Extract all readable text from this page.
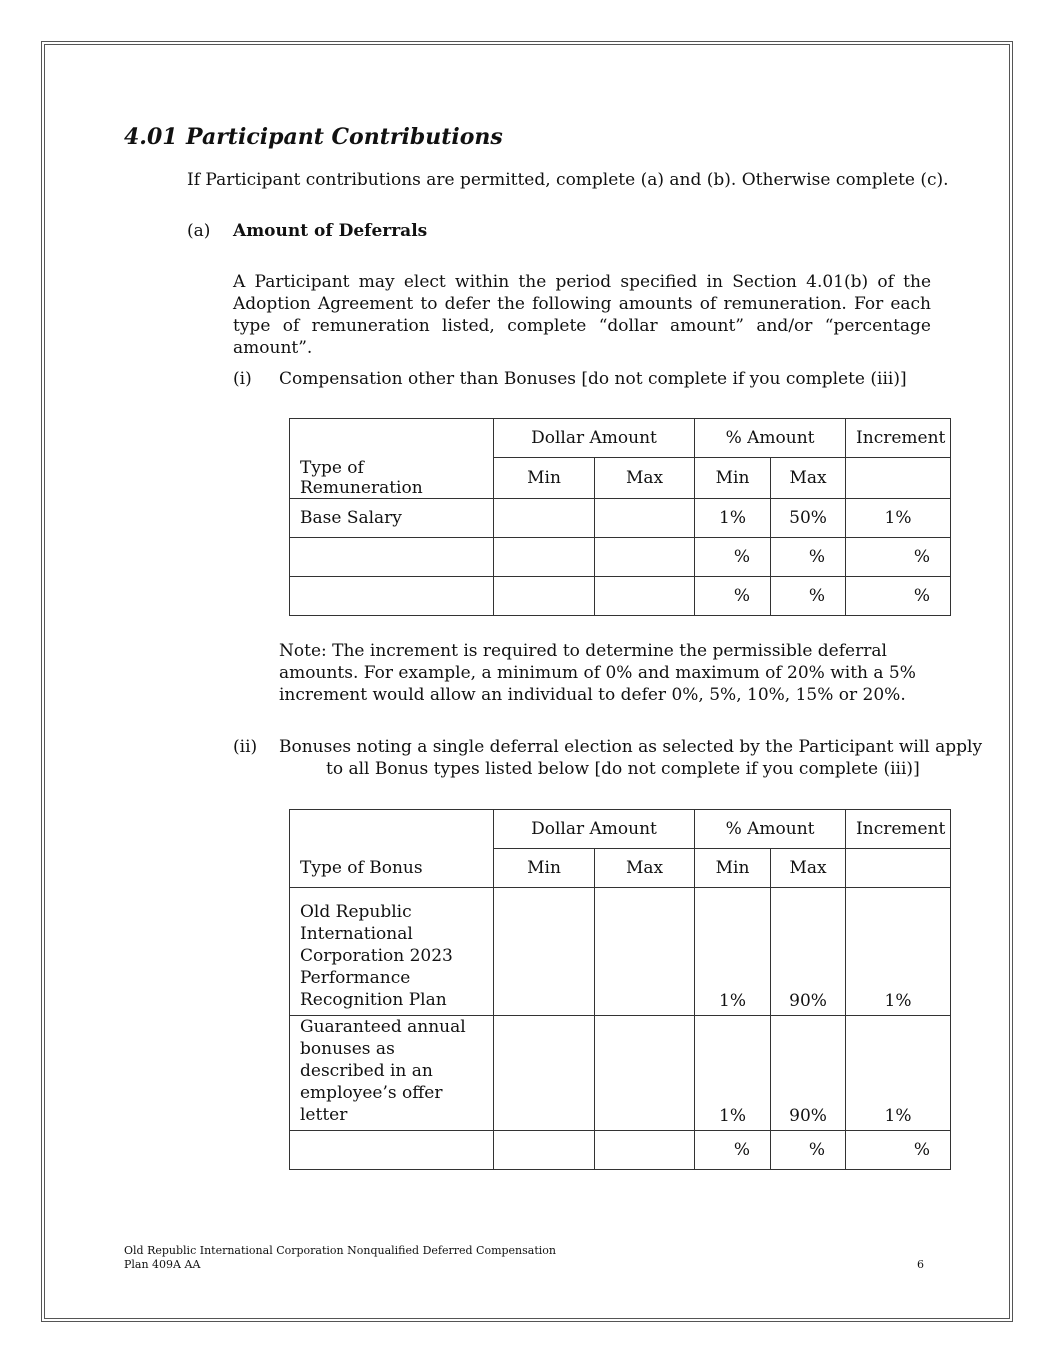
4.01 Participant Contributions
If Participant contributions are permitted, complete (a) and (b). Otherwise complete (c).
(a) Amount of Deferrals
A Participant may elect within the period specified in Section 4.01(b) of the Adoption Agreement to defer the following amounts of remuneration. For each type of remuneration listed, complete “dollar amount” and/or “percentage amount”.
(i) Compensation other than Bonuses [do not complete if you complete (iii)]
	Dollar Amount		% Amount		Increment
Type of Remuneration	Min	Max	Min	Max	
Base Salary			1%	50%	1%
			%	%	%
			%	%	%
Note: The increment is required to determine the permissible deferral amounts. For example, a minimum of 0% and maximum of 20% with a 5% increment would allow an individual to defer 0%, 5%, 10%, 15% or 20%.
(ii) Bonuses noting a single deferral election as selected by the Participant will apply
to all Bonus types listed below [do not complete if you complete (iii)]
	Dollar Amount		% Amount		Increment
Type of Bonus	Min	Max	Min	Max	
Old Republic International Corporation 2023 Performance Recognition Plan			1%	90%	1%
Guaranteed annual bonuses as described in an employee’s offer letter			1%	90%	1%
			%	%	%
Old Republic International Corporation Nonqualified Deferred Compensation
Plan 409A AA	6
